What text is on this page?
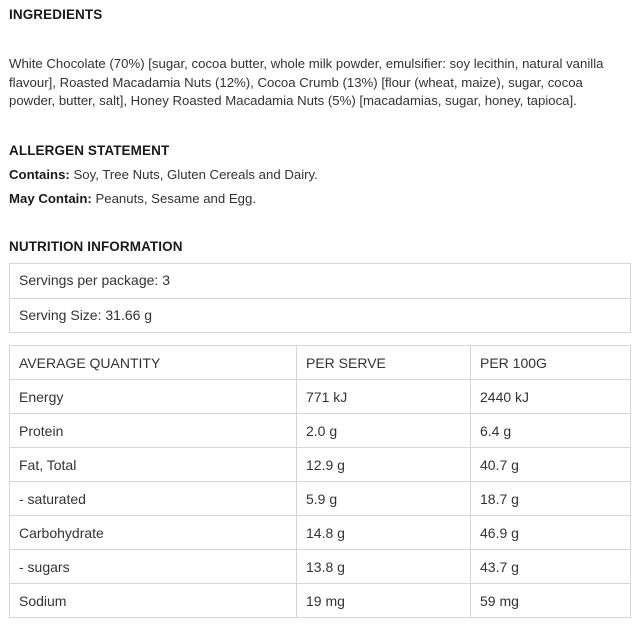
INGREDIENTS

White Chocolate (70%) [sugar, cocoa butter, whole milk powder, emulsifier: soy lecithin, natural vanilla flavour], Roasted Macadamia Nuts (12%), Cocoa Crumb (13%) [flour (wheat, maize), sugar, cocoa powder, butter, salt], Honey Roasted Macadamia Nuts (5%) [macadamias, sugar, honey, tapioca].

ALLERGEN STATEMENT

Contains: Soy, Tree Nuts, Gluten Cereals and Dairy.

May Contain: Peanuts, Sesame and Egg.

NUTRITION INFORMATION
Servings per package: 3
Serving Size: 31.66 g
AVERAGE QUANTITY	PER SERVE	PER 100G
Energy	771 kJ	2440 kJ
Protein	2.0 g	6.4 g
Fat, Total	12.9 g	40.7 g
- saturated	5.9 g	18.7 g
Carbohydrate	14.8 g	46.9 g
- sugars	13.8 g	43.7 g
Sodium	19 mg	59 mg
